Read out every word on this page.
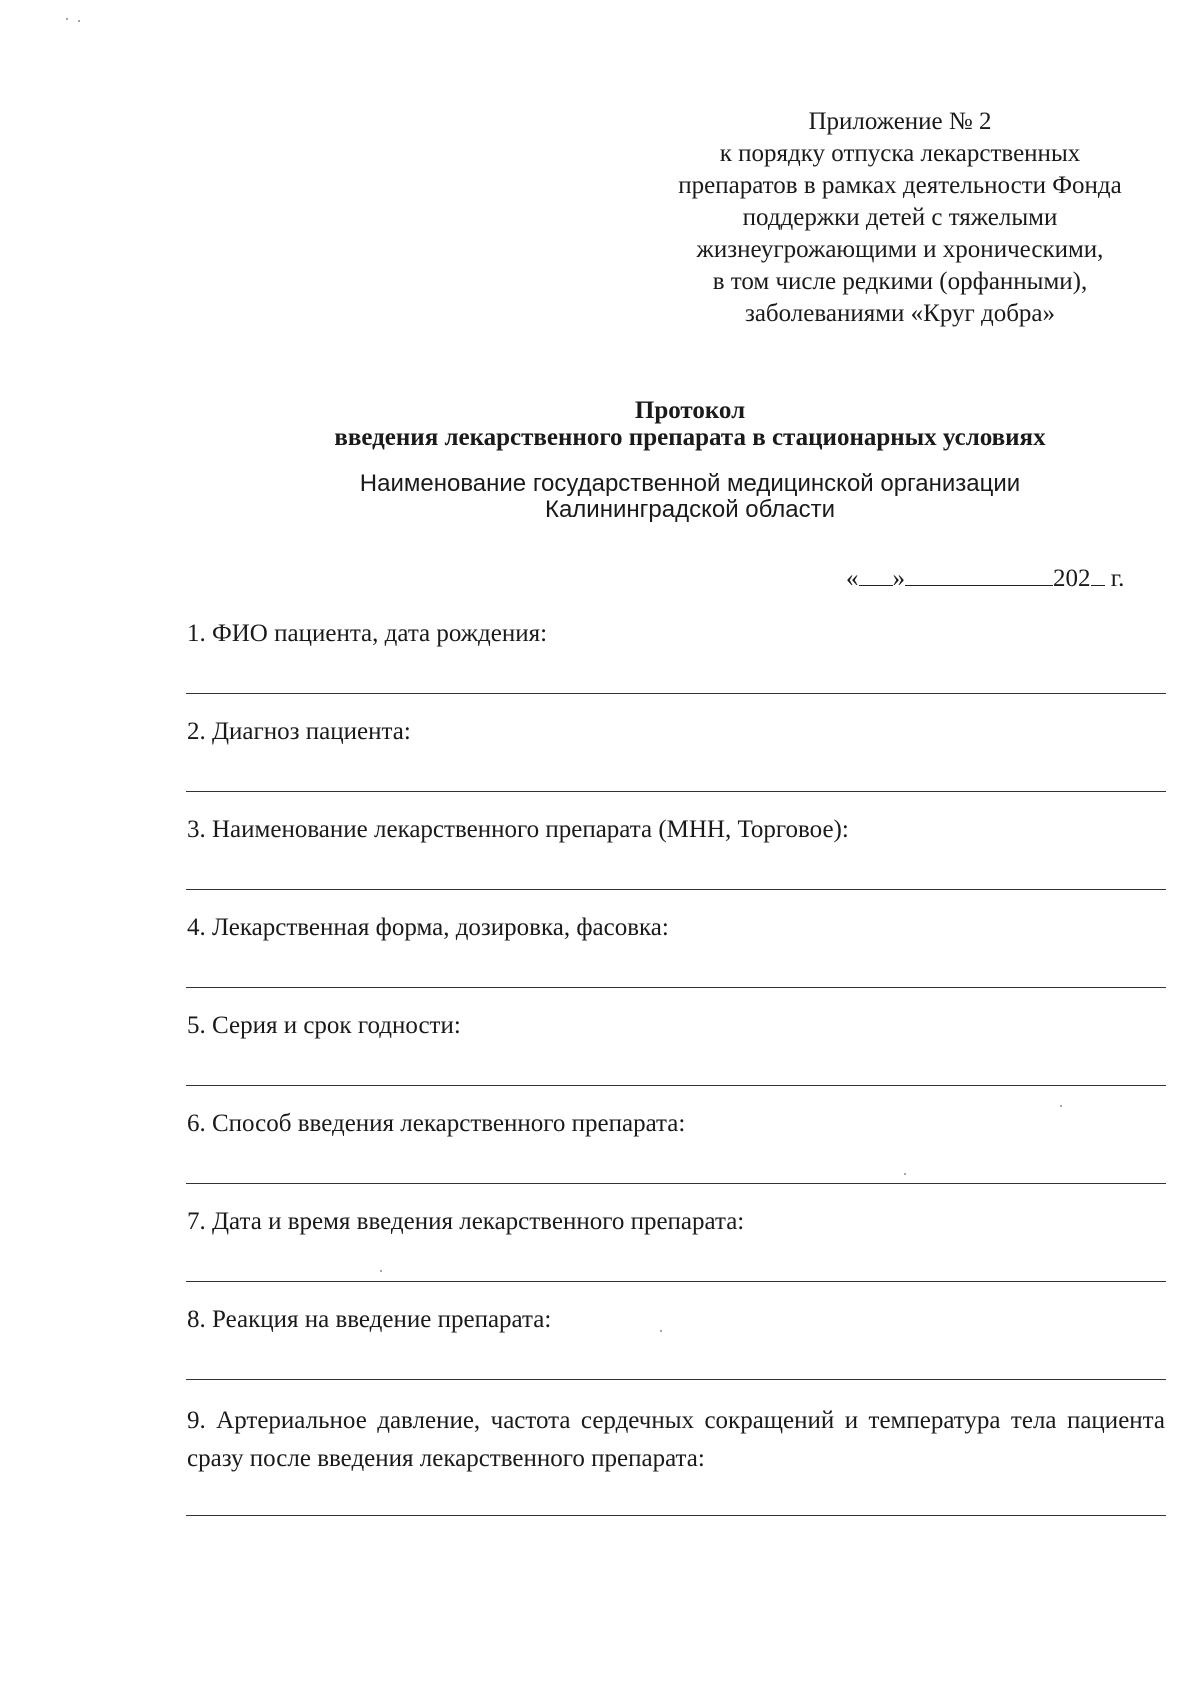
Приложение № 2
к порядку отпуска лекарственных
препаратов в рамках деятельности Фонда
поддержки детей с тяжелыми
жизнеугрожающими и хроническими,
в том числе редкими (орфанными),
заболеваниями «Круг добра»
Протокол
введения лекарственного препарата в стационарных условиях
Наименование государственной медицинской организации
Калининградской области
« »	202 г.
1. ФИО пациента, дата рождения:
2. Диагноз пациента:
3. Наименование лекарственного препарата (МНН, Торговое):
4. Лекарственная форма, дозировка, фасовка:
5. Серия и срок годности:
6. Способ введения лекарственного препарата:
7. Дата и время введения лекарственного препарата:
8. Реакция на введение препарата:
9. Артериальное давление, частота сердечных сокращений и температура тела пациента сразу после введения лекарственного препарата:
